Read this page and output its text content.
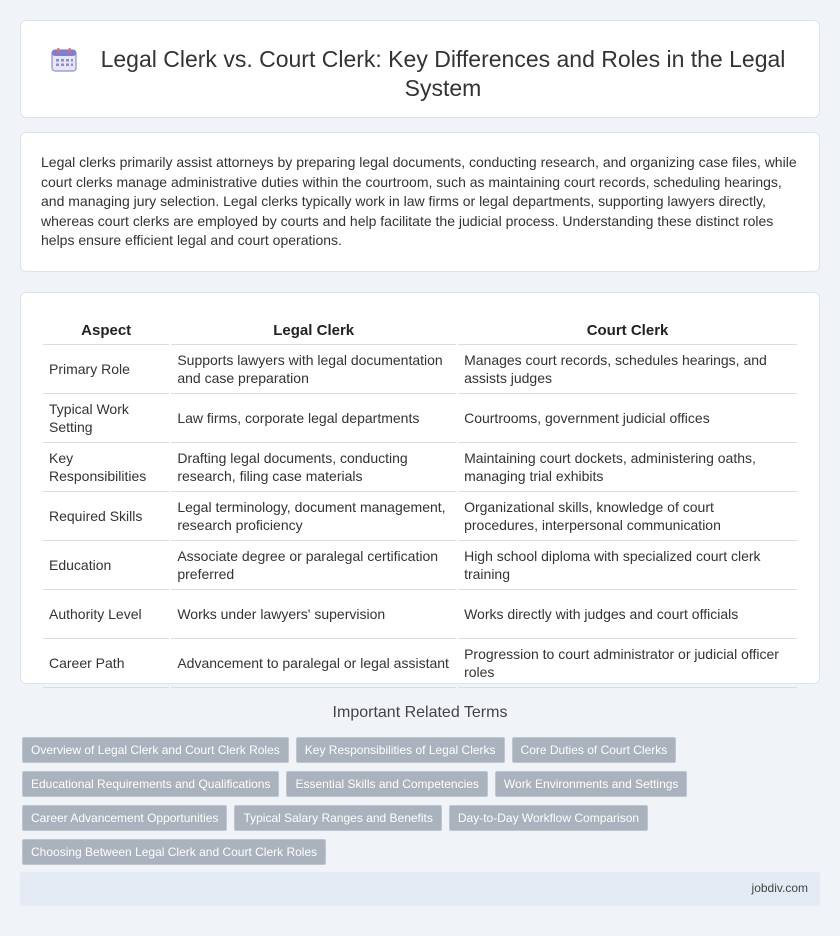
Legal Clerk vs. Court Clerk: Key Differences and Roles in the Legal System

Legal clerks primarily assist attorneys by preparing legal documents, conducting research, and organizing case files, while court clerks manage administrative duties within the courtroom, such as maintaining court records, scheduling hearings, and managing jury selection. Legal clerks typically work in law firms or legal departments, supporting lawyers directly, whereas court clerks are employed by courts and help facilitate the judicial process. Understanding these distinct roles helps ensure efficient legal and court operations.

Aspect	Legal Clerk	Court Clerk
Primary Role	Supports lawyers with legal documentation and case preparation	Manages court records, schedules hearings, and assists judges
Typical Work Setting	Law firms, corporate legal departments	Courtrooms, government judicial offices
Key Responsibilities	Drafting legal documents, conducting research, filing case materials	Maintaining court dockets, administering oaths, managing trial exhibits
Required Skills	Legal terminology, document management, research proficiency	Organizational skills, knowledge of court procedures, interpersonal communication
Education	Associate degree or paralegal certification preferred	High school diploma with specialized court clerk training
Authority Level	Works under lawyers' supervision	Works directly with judges and court officials
Career Path	Advancement to paralegal or legal assistant	Progression to court administrator or judicial officer roles
Important Related Terms
Overview of Legal Clerk and Court Clerk Roles	Key Responsibilities of Legal Clerks	Core Duties of Court Clerks
Educational Requirements and Qualifications	Essential Skills and Competencies	Work Environments and Settings
Career Advancement Opportunities	Typical Salary Ranges and Benefits	Day-to-Day Workflow Comparison
Choosing Between Legal Clerk and Court Clerk Roles
jobdiv.com
